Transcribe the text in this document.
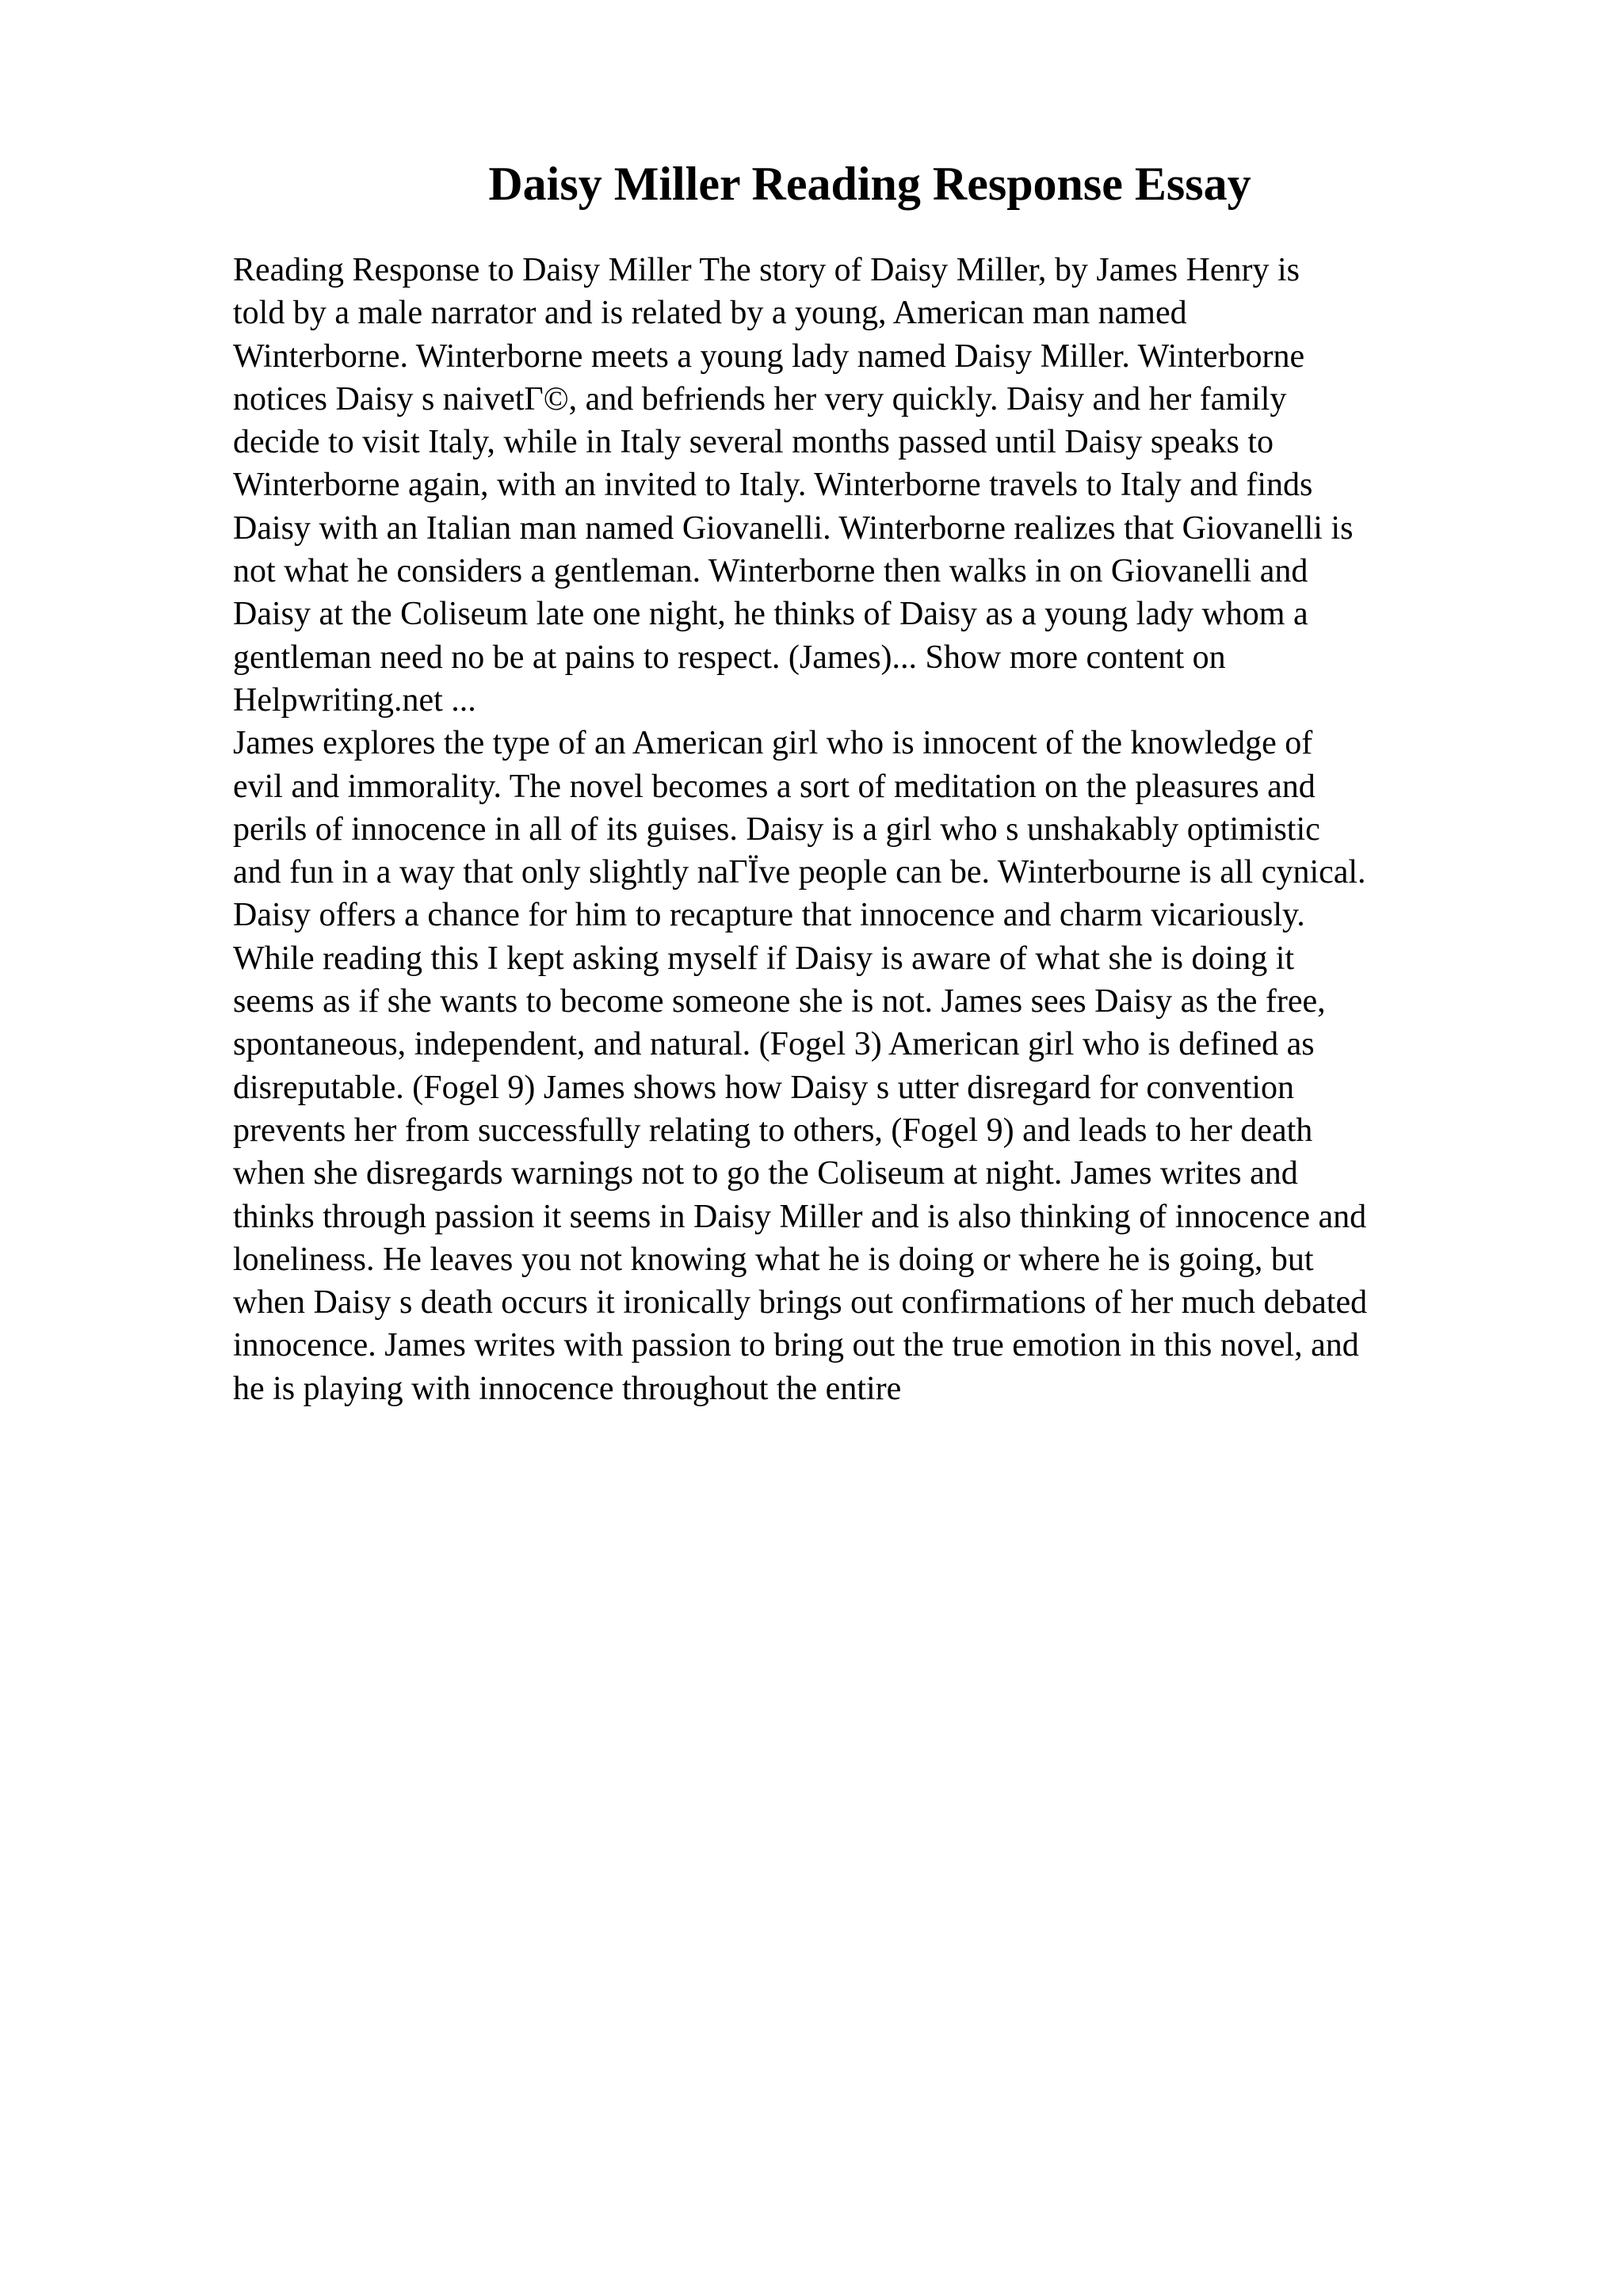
Daisy Miller Reading Response Essay
Reading Response to Daisy Miller The story of Daisy Miller, by James Henry is
told by a male narrator and is related by a young, American man named
Winterborne. Winterborne meets a young lady named Daisy Miller. Winterborne
notices Daisy s naivetГ©, and befriends her very quickly. Daisy and her family
decide to visit Italy, while in Italy several months passed until Daisy speaks to
Winterborne again, with an invited to Italy. Winterborne travels to Italy and finds
Daisy with an Italian man named Giovanelli. Winterborne realizes that Giovanelli is
not what he considers a gentleman. Winterborne then walks in on Giovanelli and
Daisy at the Coliseum late one night, he thinks of Daisy as a young lady whom a
gentleman need no be at pains to respect. (James)... Show more content on
Helpwriting.net ...
James explores the type of an American girl who is innocent of the knowledge of
evil and immorality. The novel becomes a sort of meditation on the pleasures and
perils of innocence in all of its guises. Daisy is a girl who s unshakably optimistic
and fun in a way that only slightly naГЇve people can be. Winterbourne is all cynical.
Daisy offers a chance for him to recapture that innocence and charm vicariously.
While reading this I kept asking myself if Daisy is aware of what she is doing it
seems as if she wants to become someone she is not. James sees Daisy as the free,
spontaneous, independent, and natural. (Fogel 3) American girl who is defined as
disreputable. (Fogel 9) James shows how Daisy s utter disregard for convention
prevents her from successfully relating to others, (Fogel 9) and leads to her death
when she disregards warnings not to go the Coliseum at night. James writes and
thinks through passion it seems in Daisy Miller and is also thinking of innocence and
loneliness. He leaves you not knowing what he is doing or where he is going, but
when Daisy s death occurs it ironically brings out confirmations of her much debated
innocence. James writes with passion to bring out the true emotion in this novel, and
he is playing with innocence throughout the entire
